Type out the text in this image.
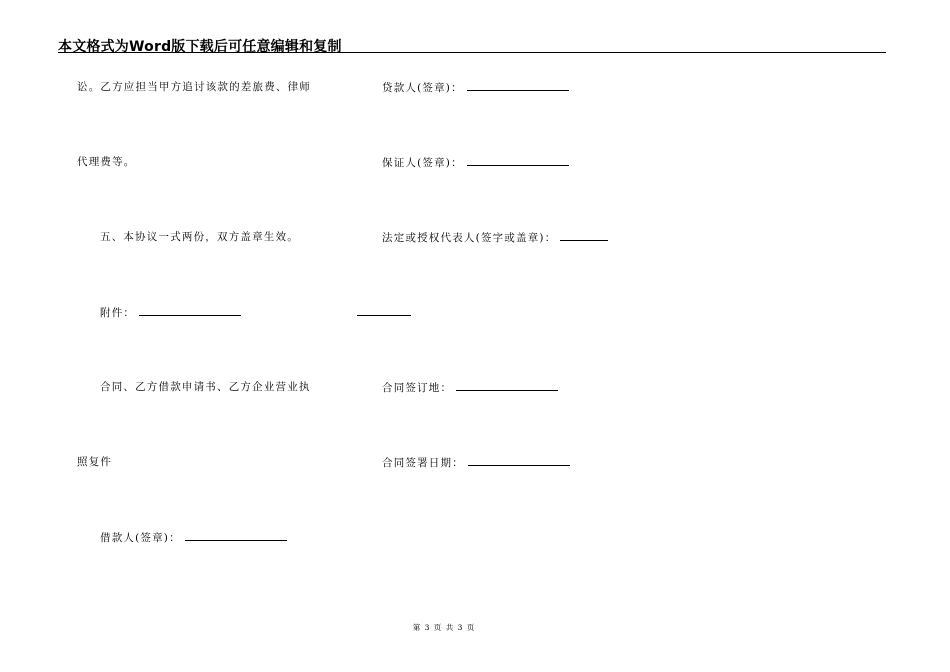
本文格式为Word版下载后可任意编辑和复制
讼。乙方应担当甲方追讨该款的差旅费、律师
代理费等。
五、本协议一式两份，双方盖章生效。
附件：
合同、乙方借款申请书、乙方企业营业执
照复件
借款人(签章)：
贷款人(签章)：
保证人(签章)：
法定或授权代表人(签字或盖章)：
合同签订地：
合同签署日期：
第 3 页 共 3 页
